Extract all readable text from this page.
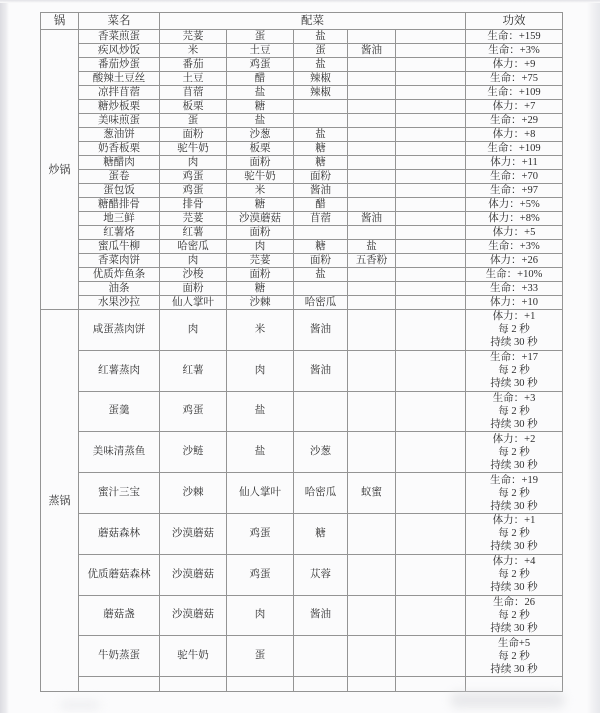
锅	菜名	配菜					功效
炒锅	香菜煎蛋	芫荽	蛋	盐			生命：+159

	疾风炒饭	米	土豆	蛋	酱油		生命：+3%

	番茄炒蛋	番茄	鸡蛋	盐			体力：+9

	酸辣土豆丝	土豆	醋	辣椒			生命：+75

	凉拌苜蓿	苜蓿	盐	辣椒			生命：+109

	糖炒板栗	板栗	糖				体力：+7

	美味煎蛋	蛋	盐				生命：+29

	葱油饼	面粉	沙葱	盐			体力：+8

	奶香板栗	驼牛奶	板栗	糖			生命：+109

	糖醋肉	肉	面粉	糖			体力：+11

	蛋卷	鸡蛋	驼牛奶	面粉			生命：+70

	蛋包饭	鸡蛋	米	酱油			生命：+97

	糖醋排骨	排骨	糖	醋			体力：+5%

	地三鲜	芫荽	沙漠蘑菇	苜蓿	酱油		体力：+8%

	红薯烙	红薯	面粉				体力：+5

	蜜瓜牛柳	哈密瓜	肉	糖	盐		生命：+3%

	香菜肉饼	肉	芫荽	面粉	五香粉		体力：+26

	优质炸鱼条	沙梭	面粉	盐			生命：+10%

	油条	面粉	糖				生命：+33

	水果沙拉	仙人掌叶	沙棘	哈密瓜			体力：+10

蒸锅	咸蛋蒸肉饼	肉	米	酱油			体力：+1
每 2 秒
持续 30 秒

	红薯蒸肉	红薯	肉	酱油			生命：+17
每 2 秒
持续 30 秒

	蛋羹	鸡蛋	盐				生命：+3
每 2 秒
持续 30 秒

	美味清蒸鱼	沙鲢	盐	沙葱			体力：+2
每 2 秒
持续 30 秒

	蜜汁三宝	沙棘	仙人掌叶	哈密瓜	蚁蜜		生命：+19
每 2 秒
持续 30 秒

	蘑菇森林	沙漠蘑菇	鸡蛋	糖			体力：+1
每 2 秒
持续 30 秒

	优质蘑菇森林	沙漠蘑菇	鸡蛋	苁蓉			体力：+4
每 2 秒
持续 30 秒

	蘑菇盏	沙漠蘑菇	肉	酱油			生命：26
每 2 秒
持续 30 秒

	牛奶蒸蛋	驼牛奶	蛋				生命+5
每 2 秒
持续 30 秒
